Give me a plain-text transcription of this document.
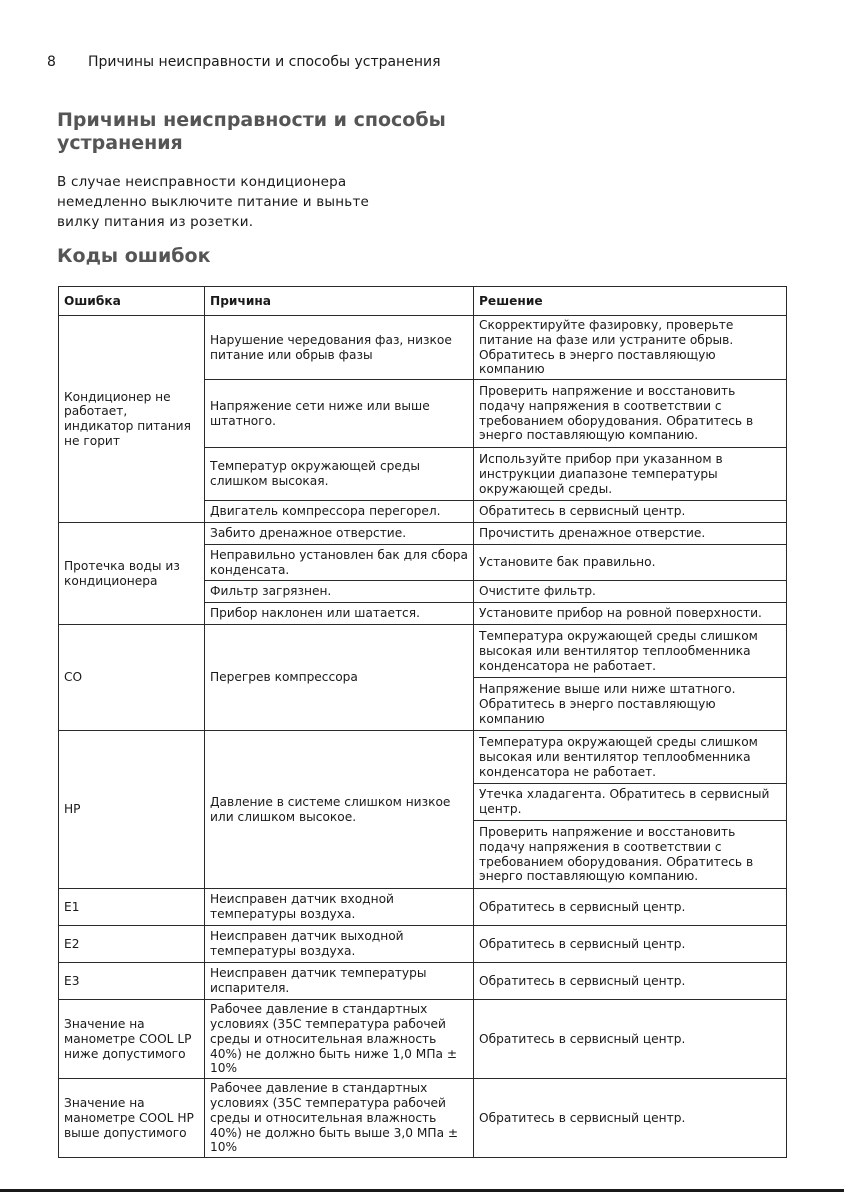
8 Причины неисправности и способы устранения
Причины неисправности и способы устранения

В случае неисправности кондиционера немедленно выключите питание и выньте вилку питания из розетки.

Коды ошибок
Ошибка	Причина	Решение
Кондиционер не работает, индикатор питания не горит	Нарушение чередования фаз, низкое питание или обрыв фазы	Скорректируйте фазировку, проверьте питание на фазе или устраните обрыв. Обратитесь в энерго поставляющую компанию
	Напряжение сети ниже или выше штатного.	Проверить напряжение и восстановить подачу напряжения в соответствии с требованием оборудования. Обратитесь в энерго поставляющую компанию.
	Температур окружающей среды слишком высокая.	Используйте прибор при указанном в инструкции диапазоне температуры окружающей среды.
	Двигатель компрессора перегорел.	Обратитесь в сервисный центр.
Протечка воды из кондиционера	Забито дренажное отверстие.	Прочистить дренажное отверстие.
	Неправильно установлен бак для сбора конденсата.	Установите бак правильно.
	Фильтр загрязнен.	Очистите фильтр.
	Прибор наклонен или шатается.	Установите прибор на ровной поверхности.
CO	Перегрев компрессора	Температура окружающей среды слишком высокая или вентилятор теплообменника конденсатора не работает.
		Напряжение выше или ниже штатного. Обратитесь в энерго поставляющую компанию
HP	Давление в системе слишком низкое или слишком высокое.	Температура окружающей среды слишком высокая или вентилятор теплообменника конденсатора не работает.
		Утечка хладагента. Обратитесь в сервисный центр.
		Проверить напряжение и восстановить подачу напряжения в соответствии с требованием оборудования. Обратитесь в энерго поставляющую компанию.
E1	Неисправен датчик входной температуры воздуха.	Обратитесь в сервисный центр.
E2	Неисправен датчик выходной температуры воздуха.	Обратитесь в сервисный центр.
E3	Неисправен датчик температуры испарителя.	Обратитесь в сервисный центр.
Значение на манометре COOL LP ниже допустимого	Рабочее давление в стандартных условиях (35С температура рабочей среды и относительная влажность 40%) не должно быть ниже 1,0 МПа ± 10%	Обратитесь в сервисный центр.
Значение на манометре COOL HP выше допустимого	Рабочее давление в стандартных условиях (35С температура рабочей среды и относительная влажность 40%) не должно быть выше 3,0 МПа ± 10%	Обратитесь в сервисный центр.
